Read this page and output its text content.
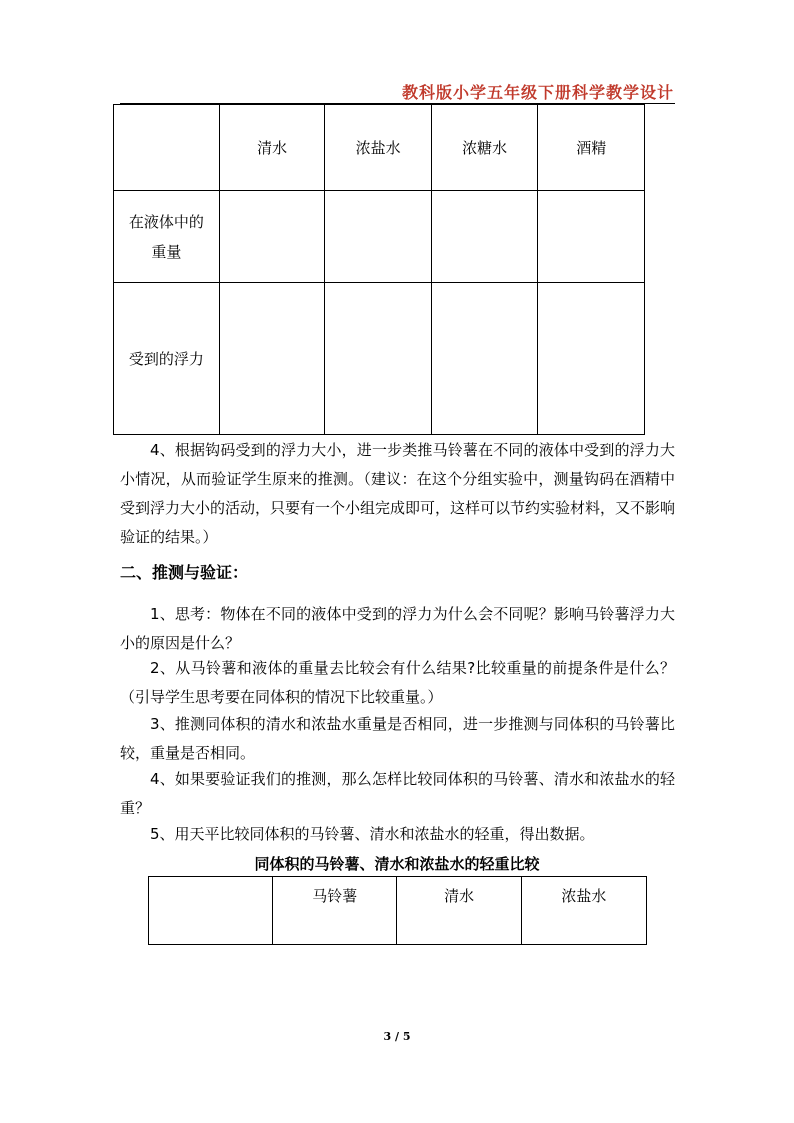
教科版小学五年级下册科学教学设计
	清水	浓盐水	浓糖水	酒精

在液体中的重量				

受到的浮力				
4、根据钩码受到的浮力大小，进一步类推马铃薯在不同的液体中受到的浮力大小情况，从而验证学生原来的推测。（建议：在这个分组实验中，测量钩码在酒精中受到浮力大小的活动，只要有一个小组完成即可，这样可以节约实验材料，又不影响验证的结果。）
二、推测与验证：
1、思考：物体在不同的液体中受到的浮力为什么会不同呢？影响马铃薯浮力大小的原因是什么？
2、从马铃薯和液体的重量去比较会有什么结果?比较重量的前提条件是什么？（引导学生思考要在同体积的情况下比较重量。）
3、推测同体积的清水和浓盐水重量是否相同，进一步推测与同体积的马铃薯比较，重量是否相同。
4、如果要验证我们的推测，那么怎样比较同体积的马铃薯、清水和浓盐水的轻重？
5、用天平比较同体积的马铃薯、清水和浓盐水的轻重，得出数据。
同体积的马铃薯、清水和浓盐水的轻重比较
	马铃薯	清水	浓盐水
3 / 5
